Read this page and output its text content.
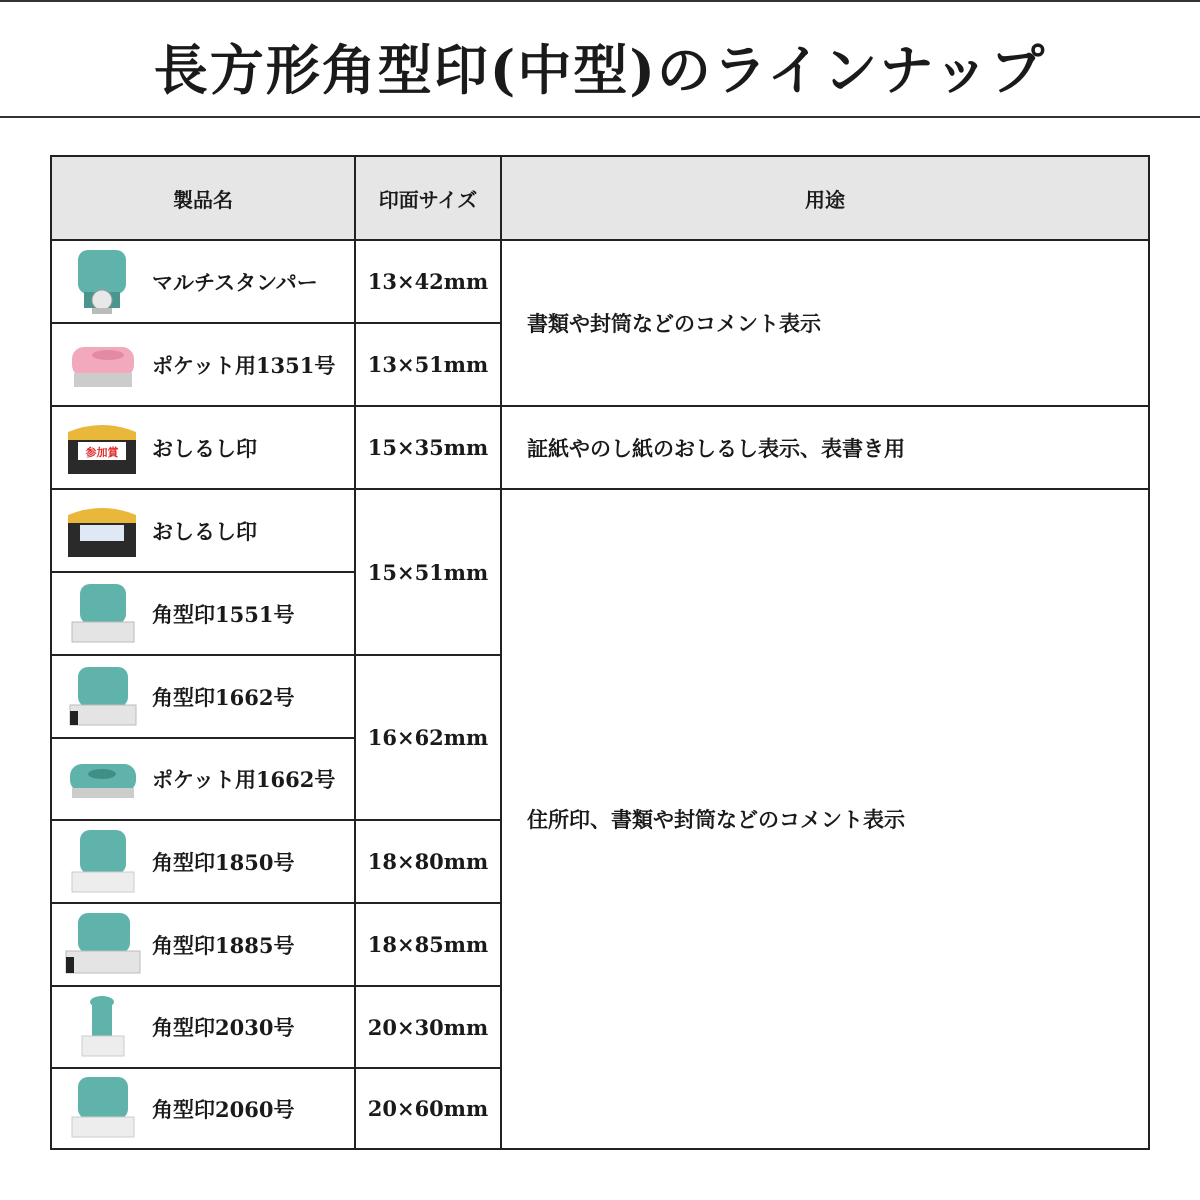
長方形角型印(中型)のラインナップ
製品名	印面サイズ	用途
マルチスタンパー
ポケット用1351号
参加賞 おしるし印
おしるし印
角型印1551号
角型印1662号
ポケット用1662号
角型印1850号
角型印1885号
角型印2030号
角型印2060号
13×42mm
13×51mm
15×35mm
15×51mm
16×62mm
18×80mm
18×85mm
20×30mm
20×60mm
書類や封筒などのコメント表示
証紙やのし紙のおしるし表示、表書き用
住所印、書類や封筒などのコメント表示
